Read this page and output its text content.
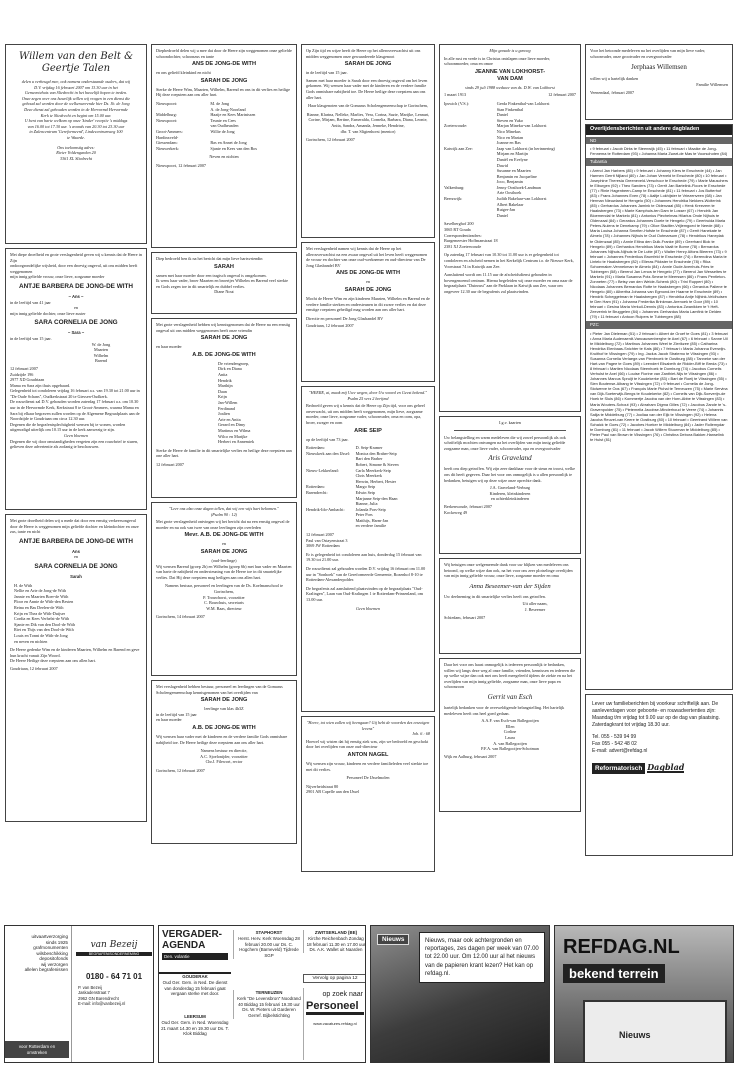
Willem van den Belt &
Geertje Talen
delen u verheugd mee, ook namens onderstaande ouders, dat wij
D.V. vrijdag 16 februari 2007 om 13.30 uur in het
Gemeentehuis van Sliedrecht in het huwelijk hopen te treden.
Onze zegen over ons huwelijk willen wij vragen in een dienst die
gehoud zal worden door de welkenwerende hier Ds. Jb. de Jong
Deze dienst zal gehouden worden in de Hervormd Hervormde
Kerk te Sliedrecht en begint om 15.00 uur.
U bent van harte welkom op onze 'kinder' receptie 's middags
van 16.00 tot 17.30 uur. 's avonds van 20.30 tot 23.30 uur
in Zalencentrum 'Gereformeerd', Lindecentrumweg 100
te Waarde.
Ons toekomstig adres:
Rivier Voldengarden 20
3361 XL Sliedrecht
Met diepe droefheid en grote verslagenheid geven wij u kennis dat de Heere in Zijn
ondoorgrondelijke wijsheid, door een droevig ongeval, uit ons midden heeft weggenomen
mijn innig geliefde vrouw, onze lieve, zorgzame moeder
ANTJE BARBERA DE JONG-DE WITH
~ Ans ~
in de leeftijd van 41 jaar
en
mijn innig geliefde dochter, onze lieve zuster
SARA CORNELIA DE JONG
~ Sara ~
in de leeftijd van 15 jaar.
W. de Jong
Maarten
Wilhelm
Barend
12 februari 2007
Zuidzijde 196
2977 XD Goudriaan
Mama en Sara zijn thuis opgebaard.
Gelegenheid tot condoleren vrijdag 16 februari a.s. van 19.30 tot 21.00 uur in "De Oude Schans", Oudkerkstraat 20 te Giessen-Oudkerk.
De rouwdienst zal D.V. gehouden worden zaterdag 17 februari a.s. om 10.30 uur in de Hervormde Kerk, Kerkstraat 8 te Groot-Ammers, waarna Mama en Sara bij elkaar begraven zullen worden op de Algemene Begraafplaats aan de Noordzijde te Goudriaan om circa 12.30 uur.
Degenen die de begrafenisplechtigheid wensen bij te wonen, worden uitgenodigd uiterlijk om 10.15 uur in de kerk aanwezig te zijn.
Geen bloemen
Degenen die wij door omstandigheden vergeten zijn een rouwbrief te sturen, gelieven deze advertentie als zodanig te beschouwen.
Met grote droefheid delen wij u mede dat door een ernstig verkeersongeval door de Heere is weggenomen mijn geliefde dochter en kleindochter en onze zus, tante en nicht
ANTJE BARBERA DE JONG-DE WITH
Ans
en
SARA CORNELIA DE JONG
Sarah
H. de With
Nellie en Arie de Jong-de With
Jannie en Maarten Boer-de With
Ploor en Annie de With-den Besten
Reina en Bas Deelen-de With
Krijn en Thea de With-Duijser
Cordia en Kees Verhelst-de With
Sjanie en Dik van den Dool-de With
Riet en Thijs van den Dool-de With
Louis en Tonni de With-de Jong
en neven en nichten
De Heere gedenke Wim en de kinderen Maarten, Wilhelm en Barend en geve hun kracht vanuit Zijn Woord.
De Heere Heilige deze roepstem aan ons allen hart.
Goudriaan, 12 februari 2007
Diepbedroefd delen wij u mee dat door de Heere zijn weggenomen onze geliefde schoondochter, schoonzus en tante
ANS DE JONG-DE WITH
en ons geliefd kleinkind en nicht
SARAH DE JONG
Sterke de Heere Wim, Maarten, Wilhelm, Barend en ons in dit verlies en heilige Hij deze roepstem aan ons aller hart.
Nieuwpoort:	M. de Jong
A. de Jong-Noorland
Middelburg:	Haaije en Kees Marinissen
Nieuwpoort:	Teunie en Cees
van Oudheusden
Groot-Ammers:	Willie de Jong
Hardinxveld-
Giessendam:	Bas en Annet de Jong
Nieuwerkerk:	Sjanie en Kees van den Bos
Neven en nichten
Nieuwpoort, 12 februari 2007
Diep bedroefd ben ik na het bericht dat mijn lieve hartsvriendin
SARAH
samen met haar moeder door een tragisch ongeval is omgekomen.
Ik wens haar vader, broer Maarten en broertjes Wilhelm en Barend veel sterkte en Gods zegen toe in dit smartelijk en dubbel verlies.
Diane Nout
Met grote verslagenheid hebben wij kennisgenomen dat de Heere na een ernstig ongeval uit ons midden weggenomen heeft onze vriendin
SARAH DE JONG
en haar moeder
A.B. DE JONG-DE WITH
De vriendengroep,
Dirk en Diana
Anita
Hendrik
Marthijn
Daan
Krijn
Jan-Willem
Ferdinand
Joalien
Arie en Anita
Gerard en Dimy
Martinus en Wilma
Wilco en Marijke
Herbert en Annemiek
Sterke de Heere de familie in dit smartelijke verlies en heilige deze roepstem aan one aller hart.
12 februari 2007
"Leer ons alzo onze dagen tellen, dat wij een wijs hart bekomen."
(Psalm 90 : 12)
Met grote verslagenheid ontvingen wij het bericht dat na een ernstig ongeval de moeder en nu ook van twee van onze leerlingen zijn overleden
Mevr. A.B. DE JONG-DE WITH
en
SARAH DE JONG
(oud-leerlinge)
Wij wensen Barend (groep 2b) en Wilhelm (groep 6b) met hun vader en Maarten van harte de nabijheid en ondersteuning van de Heere toe in dit smartelijke verlies. Dat Hij deze roepstem mag heiligen aan ons allen hart.
Namens bestuur, personeel en leerlingen van de Ds. Koelmanschool te Gorinchem,
P. Trouwborst, voorzitter
C. Bouwhuis, secretaris
W.M. Baas, directeur
Gorinchem, 14 februari 2007
Met verslagenheid hebben bestuur, personeel en leerlingen van de Gomarus Scholengemeenschap kennisgenomen van het overlijden van
SARAH DE JONG
leerlinge van klas 4h3Z
in de leeftijd van 15 jaar
en haar moeder
A.B. DE JONG-DE WITH
Wij wensen haar vader met de kinderen en de verdere familie Gods onmisbare nabijheid toe. De Heere heilige deze roepstem aan ons aller hart.
Namens bestuur en directie,
A.C. Sjoelonijder, voorzitter
Chr.J. Filewort, rector
Gorinchem, 12 februari 2007
Op Zijn tijd en wijze heeft de Heere op het allerosverwachtst uit ons midden weggenomen onze gewaardeerde klasgenoot
SARAH DE JONG
in de leeftijd van 15 jaar.
Samen met haar moeder is Sarah door een droevig ongeval om het leven gekomen. Wij wensen haar vader met de kinderen en de verdere familie Gods onmisbare nabijheid toe. De Heere heilige deze roepstem aan ons aller hart.
Haar klasgenoten van de Gomarus Scholengemeenschap te Gorinchem,
Rianne, Klarina, Nelleke, Marlies, Vera, Corina, Suzie, Marijke, Lennart, Corine, Mirjam, Bertine, Esmeralda, Cornelia, Barbara, Diana, Leonie, Anita, Sandra, Amanda, Jenneke, Hendrine,
dhr. T. van Sligtenhorst (mentor)
Gorinchem, 12 februari 2007
Met verslagenheid namen wij kennis dat de Heere op het allerosverwachtst na een zwaar ongeval uit het leven heeft weggenomen de vrouw en dochter van onze oud-werknemer en oud-directeur van De Jong Glasbandel BV
ANS DE JONG-DE WITH
en
SARAH DE JONG
Mocht de Heere Wim en zijn kinderen Maarten, Wilhelm en Barend en de verdere familie sterken en ondersteunen in dit zware verlies en dat deze ernstige roepstem geheiligd mag worden aan ons aller hart.
Directie en personeel De Jong Glasbandel BV
Goudriaan, 12 februari 2007
"HEERE, ai, maak mij Uwe wegen, door Uw woord en Geest bekend."
Psalm 25 vers 2 berijmd
Bedroefd geven wij u kennis dat de Heere op Zijn tijd, voor ons geheel onverwacht, uit ons midden heeft weggenomen, mijn lieve, zorgzame moeder, onze lieve, zorgzame vader, schoonvader, oma en oom, opa, broer, zwager en oom
ARIE SEIP
op de leeftijd van 73 jaar.
Rotterdam:	D. Seip-Kramer
Nieuwkerk aan den IJssel:	Monica den Braber-Seip
Bart den Braber
Robert, Simone & Steven
Nieuw-Lekkerland:	Carla Meerkerk-Seip
Chris Meerkerk
Herwin, Herbert, Hester
Rotterdam:	Margo Seip
Barendrecht:	Edwin Seip
Marjanne Seip-den Haan
Rianne, Julia
Hendrik-Ido-Ambacht:	Jolanda Pors-Seip
Peter Pors
Matthijs, Harm-Jan
en verdere familie
12 februari 2007
Paul van Ostayenstraat 3
3069 JW Rotterdam
Er is gelegenheid tot condoleren aan huis, donderdag 15 februari van 19.30 tot 21.00 uur.
De rouwdienst zal gehouden worden D.V. vrijdag 16 februari om 11.00 uur in "Sonhoek" van de Gereformeerde Gemeente, Rozenhof 8-10 te Rotterdam-Alexanderpolder.
De begrafenis zal aansluitend plaatsvinden op de begraafplaats "Oud-Kralingen", Laan van Oud-Kralingen 1 te Rotterdam-Prinsenland, om 13.00 uur.
Geen bloemen
"Heere, tot wien zullen wij heengaan? Gij hebt de woorden des eeuwigen levens"
Joh. 6 : 68
Hoewel wij wisten dat hij ernstig ziek was, zijn we bedroefd en geschokt door het overlijden van onze oud-directeur
ANTON NAGEL
Wij wensen zijn vrouw, kinderen en verdere familieleden veel sterkte toe met dit verlies.
Personeel De IJsselmolen
Nijverheidstraat 80
2901 AB Capelle aan den IJssel
Mijn genade is u genoeg
In alle rust en vrede is in Christus ontslapen onze lieve moeder, schoonmoeder, oma en omoe
JEANNE VAN LOKHORST-
VAN DAM
sinds 29 juli 1988 weduwe van ds. D.W. van Lokhorst
1 maart 1913	12 februari 2007
Ipswich (V.S.):	Gerda Finkenthal-van Lokhorst
Stan Finkenthal
Daniel
Steven en Yuko
Zoeterwoude:	Marjan Mineku-van Lokhorst
Nico Minekus
Nico en Marian
Joanne en Bas
Katwijk aan Zee:	Jaap van Lokhorst (in herinnering)
Mirjam en Martijn
Daniël en Evelyne
Dawid
Susanne en Maarten
Benjamin en Jacqueline
Joco, Benjamin
Valkenburg:	Jenny Oosthoek-Landman
Arie Oosthoek
Beerzwijk:	Judith Bakelaar-van Lokhorst
Albert Bakelaar
Rutger-Jan
Daniel
Savelberghof 200
3065 RT Gouda
Correspondentieadres:
Burgemeester Hoffmanstraat 18
2381 XJ Zoeterwoude
Op zaterdag 17 februari van 10.30 tot 11.00 uur is er gelegenheid tot condoleren en afscheid nemen in het Kerkelijk Centrum t.o. de Nieuwe Kerk, Voorstraat 74 in Katwijk aan Zee.
Aansluitend wordt om 11.15 uur de afscheidsdienst gehouden in bovengenoemd centrum. Hierna begeleiden wij onze moeder en oma naar de begraafplaats "Duinrust" aan de Parklaan in Katwijk aan Zee, waar om ongeveer 12.30 uur de begrafenis zal plaatsvinden.
I.g.v. kaarten
Uw belangstelling en warm medeleven die wij zowel persoonlijk als ook schriftelijk mochten ontvangen na het overlijden van mijn innig geliefde zorgzame man, onze lieve vader, schoonvader, opa en overgrootvader
Aris Graveland
heeft ons diep getroffen. Wij zijn zeer dankbaar voor de steun en troost, welke ons dit heeft gegeven. Daar het voor ons onmogelijk is u allen persoonlijk te bedanken, betuigen wij op deze wijze onze oprechte dank.
J.A. Graveland-Verburg
Kinderen, kleinkinderen
en achterkleinkinderen
Berkenwoude, februari 2007
Kockeweg 49
Wij betuigen onze welgemeende dank voor uw blijken van medeleven ons betoond, op welke wijze dan ook, na het voor ons zeer plotselinge overlijden van mijn innig geliefde vrouw, onze lieve, zorgzame moeder en oma
Anna Beseemer-van der Sijden
Uw deelneming in dit smartelijke verlies heeft ons getroffen.
Uit aller naam,
J. Beseemer
Schiedam, februari 2007
Daar het voor ons haast onmogelijk is iedereen persoonlijk te bedanken, willen wij langs deze weg al onze familie, vrienden, kennissen en iedereen die op welke wijze dan ook met ons heeft meegeleefd tijdens de ziekte en na het overlijden van mijn innig geliefde, zorgzame man, onze lieve papa en schoonzoon
Gerrit van Esch
hartelijk bedanken voor de overweldigende belangstelling. Het hartelijk medeleven heeft ons heel goed gedaan.
A.A.F. van Esch-van Ballegooijen
Ellen
Corline
Laura
A. van Ballegooijen
P.F.A. van Ballegooijen-Schotman
Wijk en Aalburg, februari 2007
Voor het betoonde medeleven na het overlijden van mijn lieve vader, schoonvader, onze grootvader en overgrootvader
Jerphaas Willemsen
willen wij u hartelijk danken
Familie Willemsen
Veenendaal, februari 2007
Overlijdensberichten uit andere dagbladen
ND
• 9 februari • Jacob Dirks te Steenwijk (45) • 11 februari • Maaike de Jong-Fennema te Rotterdam (93) • Johanna Maria Zwart-de Mas te Voorschoten (84)
Tubantia
• Arend Jan Harbers (85) • 9 februari • Johanny Kiers te Enschede (44) • Jan Harmen Gerrit Nijland (80) • Jan Johan Verveld te Enschede (80) • 10 februari • Josephine Theresia Greeneveld-Verschoor te Enschede (79) • Marie Mauschers te Elburgen (92) • Theo Sanders (73) • Gerrit Jan Bartelink-Floors te Enschede (77) • Rinie Hagenbeen-Camp te Enschede (81) • 11 februari • Jos Butterhof (83) • Frans Johannes Even (78) • Aaltje Lokhijster te Vriezenveen (68) • Jan Herman Nieuwland te Hengelo (50) • Johannes Hendrika Nekkers-Wolterink (85) • Gerhardus Johannes Jamink te Oldenzaal (85) • Henk Kreezem te Haaksbergen (73) • Marie Kamphuis-ten Dam te Losser (67) • Hendrik Jan Bloemendal te Markelo (81) • Antonius Piechelmas Hilarius Onde Nijhuis te Oldenzaal (84) • Gerardus Johannes Doele te Hengelo (79) • Geertruida Maria Peters-Nulens te Denekamp (79) • Olloe Stadtler-Vrijlemgoed te Neede (88) • Maria Louisa Johanna Smelter-Hofste te Enschede (87) • Gerrit Hanekate te Almelo (78) • Johannes Nijhuis te Oud Ootmarsum (78) • Hendrikus Haneplak te Oldenzaal (85) • Annie Eltina den Dulk-Franke (89) • Geerhard Blok te Hengelo (89) • Gerhardus Hendrikus Maria Vaalt te Borne (78) • Bernardus Johannes Nijhuis-Nijhuis te De Lutte (87) • Walter Henry Alfons Bleeren (73) • 9 februari • Johannes Frederikus Brumfeld te Enschede (74) • Berendina Maria te Lintelo te Haaksbergen (82) • Elleras Pikkster te Enschede (78) • Rika Schoemaker-Vennekman te Almelo (84) • Annie Oude Avenhuis-Fries te Tubbergen (58) • Berend Jan Lenos te Hengelo (77) • Berend Jan Wesseltes te Markelo (91) • Maria Susanna Potz-Smear te Meerssen (86) • Frans Pentleton-Zonneten (77) • Betsy van den Welde-Schenk (80) • Trini Ruppert (80) • Nicolaas Johannes Bernardus Rotte te Haaksbergen (66) • Gerardus Paliene te Hengelo (80) • Albertha Johanna van Egmond-ter Haarne te Enschede (89) • Hendrik Scheggetman te Haaksbergen (87) • Hendrika Antje Nijhink-Veldhuisen te Den Ham (91) • Johanna Frederika Brinkman-Arenoek te Goor (89) • 10 februari • Gesina Maria Verkuil-Dennis (83) • Antonius Zwanikken te 't Heft-Zeeverink te Bruggelen (84) • Johannes Gerhardus Maria Lamfink te Delden (79) • 11 februari • Antoon Ruipers te Tubbergen (88)
PZC
• Pieter Jan Dieleman (51) • 2 februari • Albert de Groef te Goes (81) • 3 februari • Anna Maria Audenaerdt-Vancauwenberghe te Axel (67) • 6 februari • Sanne Uil te Middelburg (72) • Martinus Johannes Weel te Zierikzee (85) • Catharina Hendrika Elenbaas-Snichter te Kats (86) • 7 februari • Maria Johanna Everwijn-Kruithof te Vlissingen (79) • Ing. Jaclus Jacob Stratemo te Vlissingen (93) • Susanna Cornelia Verlaege-van Pienbroek te Oostburg (88) • Tanneke van der Hart-van Pagee te Goes (89) • Leendert Elisabeth de Ridder-Biff te Breda (73) • 8 februari • Martien Nicolaas Steenhoek te Domburg (74) • Jacobus Cornelis Verhulst te Axel (66) • Louise Fiorine van Zanthiet-Nijs te Vlissingen (86) • Johannes Marcus Spruijt te Koudekerke (83) • Bart de Roeij te Vlissingen (55) • Sien Boutense-Albang te Vlissingen (72) • 9 februari • Cornelia de Jong-Stolwerve te Oos (67) • François Marie Pichal te Terneuzen (75) • Marie Servina van Dijk-Soeterwijk-Bengs te Koudekerke (82) • Cornelis van Dijk-Soeverijn-de Hoek te Sluis (86) • Kommertje Jacoba van der Horn-Abbe te Vlissingen (83) • Maria Wouters-Schout (93) • Abraham Digma Gilles (72) • Jacobus Zande te 's-Gravenpolder (75) • Pietemella Jacobse-Minderhoud te Veere (74) • Johannis Salija te Middelburg (77) • Jooliaa van der Eijk te Vlissingen (92) • Helena Jacoba Reuvel-van Keere te Oostburg (80) • 10 februari • Geertrand Willem van Schaick te Goes (72) • Jacobes Hoeker te Middelburg (84) • Jader Rollemydar te Domburg (81) • 11 februari • Jacob Willem Stuurman te Middelburg (85) • Pieter Paul van Brown te Vlissingen (76) • Christina Debora Bakker-Hanselink te Hulst (81)
Lever uw familieberichten bij voorkeur schriftelijk aan. De aanleverdagen voor geboorte- en rouwadvertenties zijn: Maandag t/m vrijdag tot 9.00 uur op de dag van plaatsing. Zaterdagkrant tot vrijdag 18.30 uur.
Tel. 055 - 539 94 99
Fax 055 - 542 48 02
E-mail: advert@refdag.nl
Reformatorisch Dagblad
uitvaartverzorging
sinds 1925
grafmonumenten
wilsbeschikking
depositofonds
wij verzorgen
allelen begrafenissen
van Bezeij
BEGRAFENISONDERNEMING
0180 - 64 71 01
P. van Bezeij
Jaskadenstraat 7
2962 GN Barendrecht
E-mail: info@vanbezeij.nl
voor Rotterdam en omstreken
VERGADER-
AGENDA
Den. volantie
GOUDERAK
Oud Ger. Gem. in Ned. De dienst van donderdag 15 februari gaat vergaan sterke met door.
LEERSUM
Oud Ger. Gem. in Ned. Woensdag 21 maart 14.30 en 19.30 uur Ds. T. Klok Biddag
STAPHORST
Herst. Herv. Kerk Woensdag 28 februari 20.00 uur Ds. C. Hogchem (Barneveld) Tijdrede SGP
TERNEUZEN
Kerk "De Levensbron" Noodrand 40 Biddag 15 februari 19.30 uur Ds. W. Pieters uit Garderen Gerref. Bijbelstichting
ZWITSERLAND (BE)
Kirche Reichenbach Zondag 18 februari 11.30 en 17.00 uur Ds. A.K. Wallet uit Naarden
Vervolg op pagina 12
op zoek naar
Personeel
www.vacatures.refdag.nl
Nieuws	Nieuws, maar ook achtergronden en reportages, zes dagen per week van 07.00 tot 22.00 uur. Om 12.00 uur al het nieuws van de papieren krant lezen? Het kan op refdag.nl.
REFDAG.NL
bekend terrein
Nieuws
